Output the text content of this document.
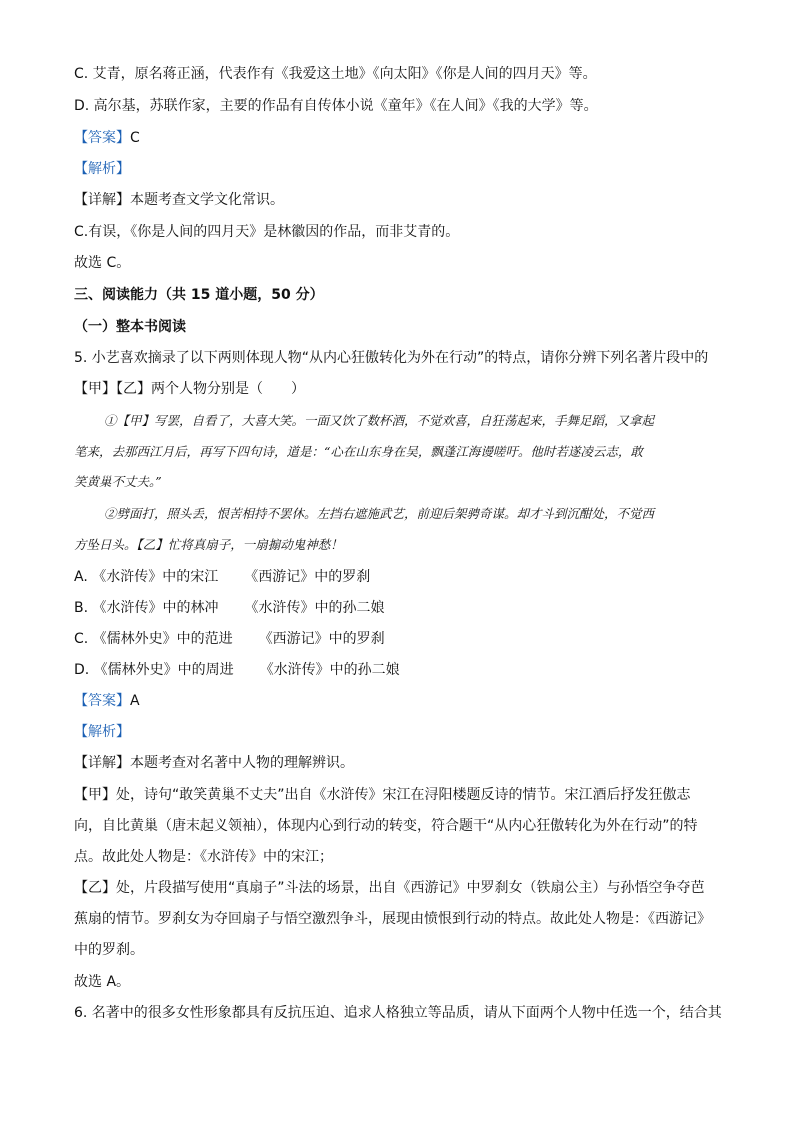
C. 艾青，原名蒋正涵，代表作有《我爱这土地》《向太阳》《你是人间的四月天》等。
D. 高尔基，苏联作家，主要的作品有自传体小说《童年》《在人间》《我的大学》等。
【答案】C
【解析】
【详解】本题考查文学文化常识。
C.有误，《你是人间的四月天》是林徽因的作品，而非艾青的。
故选 C。
三、阅读能力（共 15 道小题，50 分）
（一）整本书阅读
5. 小艺喜欢摘录了以下两则体现人物“从内心狂傲转化为外在行动”的特点，请你分辨下列名著片段中的
【甲】【乙】两个人物分别是（　　）
①【甲】写罢，自看了，大喜大笑。一面又饮了数杯酒，不觉欢喜，自狂荡起来，手舞足蹈，又拿起
笔来，去那西江月后，再写下四句诗，道是：“心在山东身在吴，飘蓬江海谩嗟吁。他时若遂凌云志，敢
笑黄巢不丈夫。”
②劈面打，照头丢，恨苦相持不罢休。左挡右遮施武艺，前迎后架骋奇谋。却才斗到沉酣处，不觉西
方坠日头。【乙】忙将真扇子，一扇搧动鬼神愁！
A. 《水浒传》中的宋江 《西游记》中的罗刹
B. 《水浒传》中的林冲 《水浒传》中的孙二娘
C. 《儒林外史》中的范进 《西游记》中的罗刹
D. 《儒林外史》中的周进 《水浒传》中的孙二娘
【答案】A
【解析】
【详解】本题考查对名著中人物的理解辨识。
【甲】处，诗句“敢笑黄巢不丈夫”出自《水浒传》宋江在浔阳楼题反诗的情节。宋江酒后抒发狂傲志
向，自比黄巢（唐末起义领袖），体现内心到行动的转变，符合题干“从内心狂傲转化为外在行动”的特
点。故此处人物是：《水浒传》中的宋江；
【乙】处，片段描写使用“真扇子”斗法的场景，出自《西游记》中罗刹女（铁扇公主）与孙悟空争夺芭
蕉扇的情节。罗刹女为夺回扇子与悟空激烈争斗，展现由愤恨到行动的特点。故此处人物是：《西游记》
中的罗刹。
故选 A。
6. 名著中的很多女性形象都具有反抗压迫、追求人格独立等品质，请从下面两个人物中任选一个，结合其
